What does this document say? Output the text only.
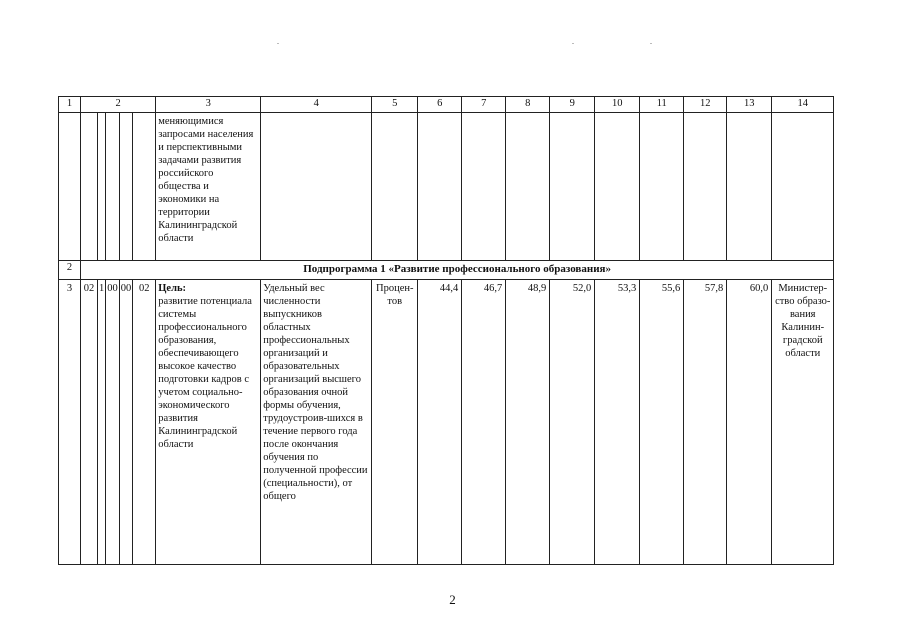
1	2					3	4	5	6	7	8	9	10	11	12	13	14
						меняющимися запросами населения и перспективными задачами развития российского общества и экономики на территории Калининградской области											
2	Подпрограмма 1 «Развитие профессионального образования»																
3	02	1	00	00	02	Цель:
развитие потенциала системы профессионального образования, обеспечивающего высокое качество подготовки кадров с учетом социально-экономического развития Калининградской области	Удельный вес численности выпускников областных профессиональных организаций и образовательных организаций высшего образования очной формы обучения, трудоустроив-шихся в течение первого года после окончания обучения по полученной профессии (специальности), от общего	Процен-тов	44,4	46,7	48,9	52,0	53,3	55,6	57,8	60,0	Министер-ство образо-вания Калинин-градской области
2
